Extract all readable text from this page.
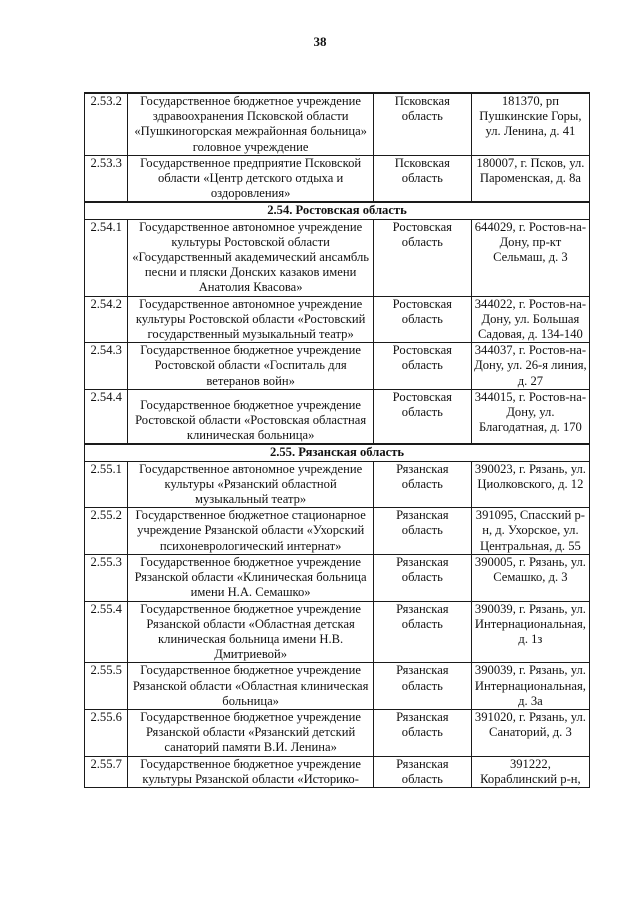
38
2.53.2	Государственное бюджетное учреждение здравоохранения Псковской области «Пушкиногорская межрайонная больница» головное учреждение	Псковская область	181370, рп Пушкинские Горы, ул. Ленина, д. 41
2.53.3	Государственное предприятие Псковской области «Центр детского отдыха и оздоровления»	Псковская область	180007, г. Псков, ул. Пароменская, д. 8а
2.54. Ростовская область			
2.54.1	Государственное автономное учреждение культуры Ростовской области «Государственный академический ансамбль песни и пляски Донских казаков имени Анатолия Квасова»	Ростовская область	644029, г. Ростов-на-Дону, пр-кт Сельмаш, д. 3
2.54.2	Государственное автономное учреждение культуры Ростовской области «Ростовский государственный музыкальный театр»	Ростовская область	344022, г. Ростов-на-Дону, ул. Большая Садовая, д. 134-140
2.54.3	Государственное бюджетное учреждение Ростовской области «Госпиталь для ветеранов войн»	Ростовская область	344037, г. Ростов-на-Дону, ул. 26-я линия, д. 27
2.54.4	Государственное бюджетное учреждение Ростовской области «Ростовская областная клиническая больница»	Ростовская область	344015, г. Ростов-на-Дону, ул. Благодатная, д. 170
2.55. Рязанская область			
2.55.1	Государственное автономное учреждение культуры «Рязанский областной музыкальный театр»	Рязанская область	390023, г. Рязань, ул. Циолковского, д. 12
2.55.2	Государственное бюджетное стационарное учреждение Рязанской области «Ухорский психоневрологический интернат»	Рязанская область	391095, Спасский р-н, д. Ухорское, ул. Центральная, д. 55
2.55.3	Государственное бюджетное учреждение Рязанской области «Клиническая больница имени Н.А. Семашко»	Рязанская область	390005, г. Рязань, ул. Семашко, д. 3
2.55.4	Государственное бюджетное учреждение Рязанской области «Областная детская клиническая больница имени Н.В. Дмитриевой»	Рязанская область	390039, г. Рязань, ул. Интернациональная, д. 1з
2.55.5	Государственное бюджетное учреждение Рязанской области «Областная клиническая больница»	Рязанская область	390039, г. Рязань, ул. Интернациональная, д. 3а
2.55.6	Государственное бюджетное учреждение Рязанской области «Рязанский детский санаторий памяти В.И. Ленина»	Рязанская область	391020, г. Рязань, ул. Санаторий, д. 3
2.55.7	Государственное бюджетное учреждение культуры Рязанской области «Историко-	Рязанская область	391222, Кораблинский р-н,
